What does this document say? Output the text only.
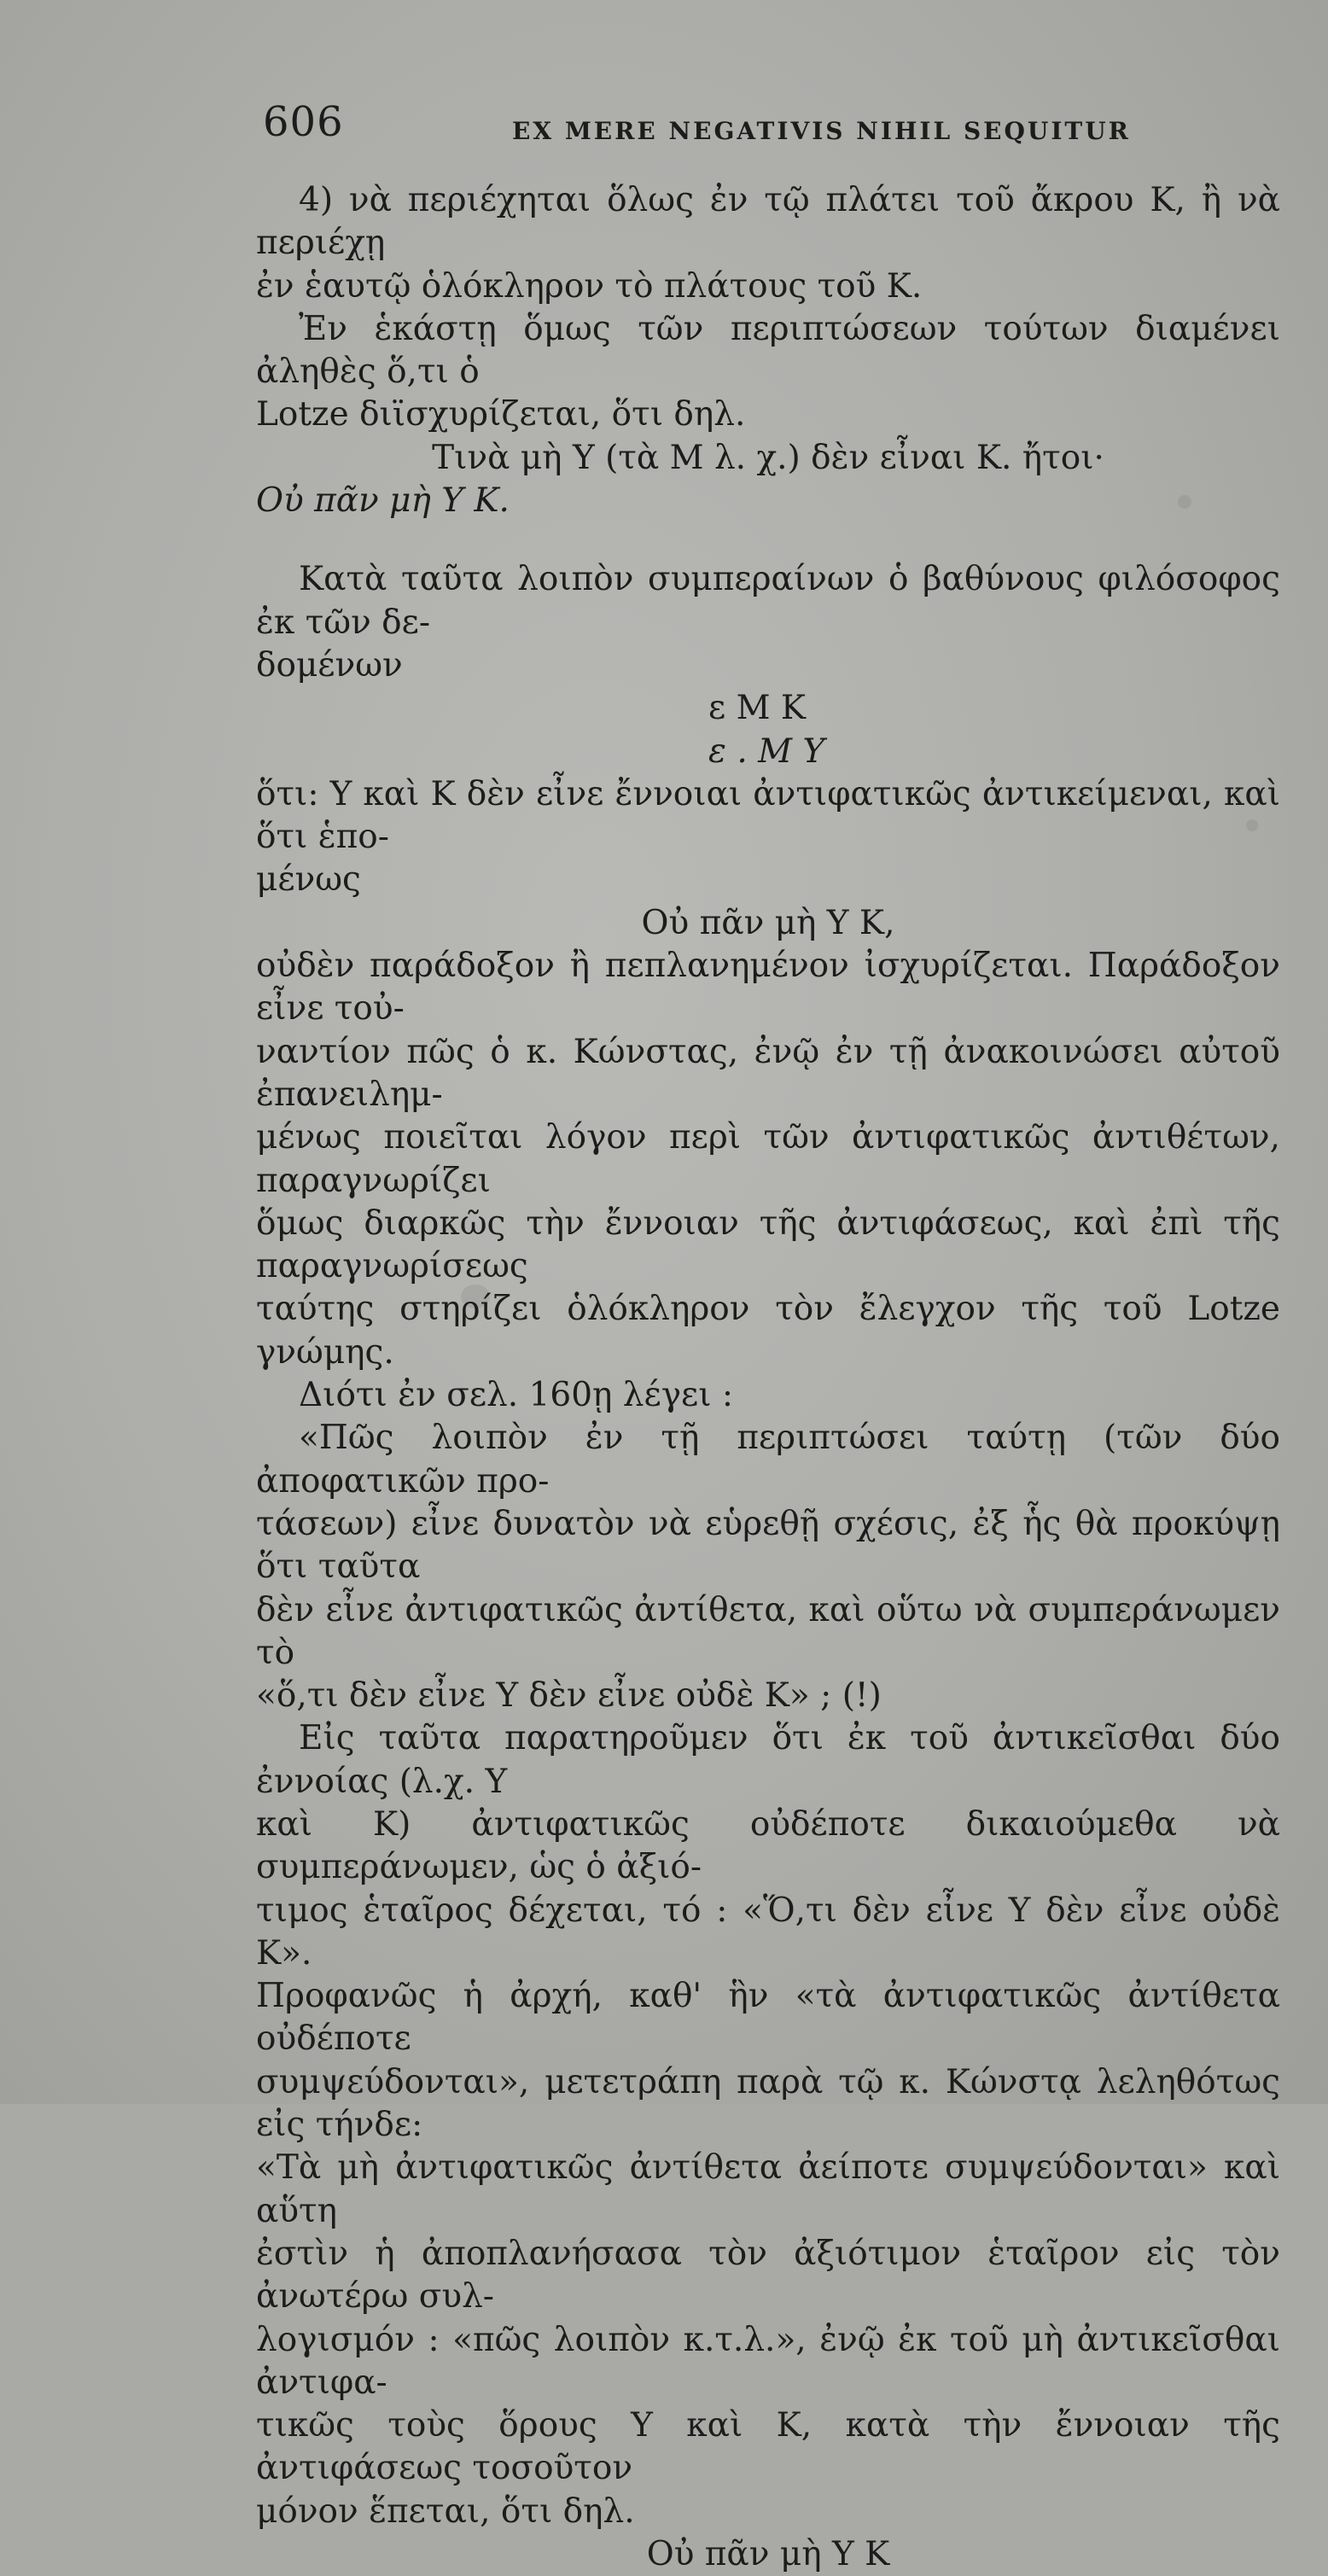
606	EX MERE NEGATIVIS NIHIL SEQUITUR
4) νὰ περιέχηται ὅλως ἐν τῷ πλάτει τοῦ ἄκρου Κ, ἢ νὰ περιέχῃ
ἐν ἑαυτῷ ὁλόκληρον τὸ πλάτους τοῦ Κ.
Ἐν ἑκάστῃ ὅμως τῶν περιπτώσεων τούτων διαμένει ἀληθὲς ὅ,τι ὁ
Lotze διϊσχυρίζεται, ὅτι δηλ.
Τινὰ μὴ Υ (τὰ Μ λ. χ.) δὲν εἶναι Κ. ἤτοι·
Οὐ πᾶν μὴ Υ Κ.
Κατὰ ταῦτα λοιπὸν συμπεραίνων ὁ βαθύνους φιλόσοφος ἐκ τῶν δε-
δομένων
ε Μ Κ
ε . Μ Υ
ὅτι: Υ καὶ Κ δὲν εἶνε ἔννοιαι ἀντιφατικῶς ἀντικείμεναι, καὶ ὅτι ἑπο-
μένως
Οὐ πᾶν μὴ Υ Κ,
οὐδὲν παράδοξον ἢ πεπλανημένον ἰσχυρίζεται. Παράδοξον εἶνε τοὐ-
ναντίον πῶς ὁ κ. Κώνστας, ἐνῷ ἐν τῇ ἀνακοινώσει αὐτοῦ ἐπανειλημ-
μένως ποιεῖται λόγον περὶ τῶν ἀντιφατικῶς ἀντιθέτων, παραγνωρίζει
ὅμως διαρκῶς τὴν ἔννοιαν τῆς ἀντιφάσεως, καὶ ἐπὶ τῆς παραγνωρίσεως
ταύτης στηρίζει ὁλόκληρον τὸν ἔλεγχον τῆς τοῦ Lotze γνώμης.
Διότι ἐν σελ. 160ῃ λέγει :
«Πῶς λοιπὸν ἐν τῇ περιπτώσει ταύτῃ (τῶν δύο ἀποφατικῶν προ-
τάσεων) εἶνε δυνατὸν νὰ εὑρεθῇ σχέσις, ἐξ ἧς θὰ προκύψῃ ὅτι ταῦτα
δὲν εἶνε ἀντιφατικῶς ἀντίθετα, καὶ οὕτω νὰ συμπεράνωμεν τὸ
«ὅ,τι δὲν εἶνε Υ δὲν εἶνε οὐδὲ Κ» ; (!)
Εἰς ταῦτα παρατηροῦμεν ὅτι ἐκ τοῦ ἀντικεῖσθαι δύο ἐννοίας (λ.χ. Υ
καὶ Κ) ἀντιφατικῶς οὐδέποτε δικαιούμεθα νὰ συμπεράνωμεν, ὡς ὁ ἀξιό-
τιμος ἑταῖρος δέχεται, τό : «Ὅ,τι δὲν εἶνε Υ δὲν εἶνε οὐδὲ Κ».
Προφανῶς ἡ ἀρχή, καθ' ἣν «τὰ ἀντιφατικῶς ἀντίθετα οὐδέποτε
συμψεύδονται», μετετράπη παρὰ τῷ κ. Κώνστᾳ λεληθότως εἰς τήνδε:
«Τὰ μὴ ἀντιφατικῶς ἀντίθετα ἀείποτε συμψεύδονται» καὶ αὕτη
ἐστὶν ἡ ἀποπλανήσασα τὸν ἀξιότιμον ἑταῖρον εἰς τὸν ἀνωτέρω συλ-
λογισμόν : «πῶς λοιπὸν κ.τ.λ.», ἐνῷ ἐκ τοῦ μὴ ἀντικεῖσθαι ἀντιφα-
τικῶς τοὺς ὅρους Υ καὶ Κ, κατὰ τὴν ἔννοιαν τῆς ἀντιφάσεως τοσοῦτον
μόνον ἕπεται, ὅτι δηλ.
Οὐ πᾶν μὴ Υ Κ
